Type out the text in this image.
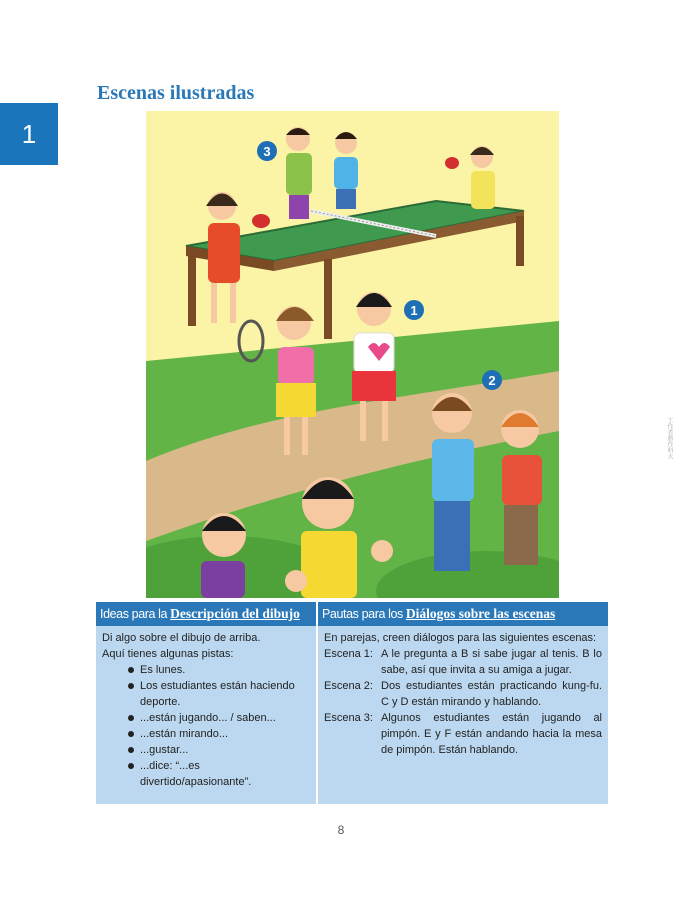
1
Escenas ilustradas
3
1
2
工作者勝作料大
Ideas para la Descripción del dibujo

Di algo sobre el dibujo de arriba.

Aquí tienes algunas pistas:

Es lunes.
Los estudiantes están haciendo deporte.
...están jugando... / saben...
...están mirando...
...gustar...
...dice: “...es divertido/apasionante”.
Pautas para los Diálogos sobre las escenas

En parejas, creen diálogos para las siguientes escenas:

Escena 1: A le pregunta a B si sabe jugar al tenis. B lo sabe, así que invita a su amiga a jugar.
Escena 2: Dos estudiantes están practicando kung-fu. C y D están mirando y hablando.
Escena 3: Algunos estudiantes están jugando al pimpón. E y F están andando hacia la mesa de pimpón. Están hablando.
8
